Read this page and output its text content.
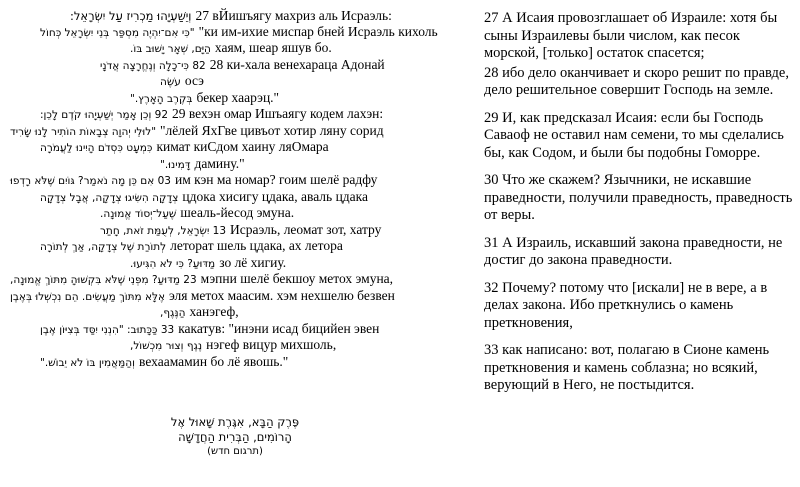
וְיֵשַׁעְיָהוּ מַכְרִיז עַל יִשְׂרָאֵל: 27 вЙишъягу махриз аль Исраэль:
"כִּי אִם־יִהְיֶה מִסְפַּר בְּנֵי יִשְׂרָאֵל כְּחוֹל "ки им-ихие миспар бней Исраэль кихоль
הַיָּם, שְׁאָר יָשׁוּב בּוֹ. хаям, шеар яшув бо.
28 כִּי־כָלָה וְנֶחֱרָצָה אֲדֹנָי 28 ки-хала венехараца Адонай
עֹשֶׂה осэ
בְּקֶרֶב הָאָרֶץ." бекер хаарэц."
29 וְכֵן אָמַר יְשַׁעְיָהוּ קֹדֶם לָכֵן: 29 вехэн омар Ишъаягу кодем лахэн:
"לוּלֵי יְהוָה צְבָאוֹת הוֹתִיר לָנוּ שָׂרִיד "лёлей ЯхГве цивъот хотир ляну сорид
כִּמְעָט כִּסְדֹם הָיִינוּ לַעֲמֹרָה кимат киСдом хаину ляОмара
דָּמִינוּ." дамину."
30 אִם כֵּן מָה נֹאמַר? גּוֹיִם שֶׁלֹּא רָדְפוּ им кэн ма номар? гоим шелё радфу
צְדָקָה הִשִּׂיגוּ צְדָקָה, אֲבָל צְדָקָה цдока хисигу цдака, аваль цдака
שֶׁעַל־יְסוֹד אֱמוּנָה. шеаль-йесод эмуна.
31 יִשְׂרָאֵל, לְעֻמַּת זֹאת, חָתַר Исраэль, леомат зот, хатру
לְתוֹרַת שֶׁל צְדָקָה, אַךְ לְתוֹרָה леторат шель цдака, ах летора
מַדּוּעַ? כִּי לֹא הִגִּיעוּ. зо лё хигиу.
32 מַדּוּעַ? מִפְּנֵי שֶׁלֹּא בִּקְשׁוּהָ מִתּוֹךְ אֱמוּנָה, мэпни шелё бекшоу метох эмуна,
אֶלָּא מִתּוֹךְ מַעֲשִׂים. הֵם נִכְשְׁלוּ בְּאֶבֶן эля метох маасим. хэм нехшелю безвен
הַנֶּגֶף, ханэгеф,
33 כַּכָּתוּב: "הִנְנִי יִסַּד בְּצִיּוֹן אֶבֶן какатув: "инэни исад бицийен эвен
נֶגֶף וְצוּר מִכְשׁוֹל, нэгеф вицур михшоль,
וְהַמַּאֲמִין בּוֹ לֹא יֵבוֹשׁ." вехаамамин бо лё явошь."
פֶּרֶק הַבָּא, אִגֶּרֶת שָׁאוּל אֶל
הָרוֹמִים, הַבְּרִית הַחֲדָשָׁה
(תרגום חדש)

27 А Исаия провозглашает об Израиле: хотя бы сыны Израилевы были числом, как песок морской, [только] остаток спасется;

28 ибо дело оканчивает и скоро решит по правде, дело решительное совершит Господь на земле.

29 И, как предсказал Исаия: если бы Господь Саваоф не оставил нам семени, то мы сделались бы, как Содом, и были бы подобны Гоморре.

30 Что же скажем? Язычники, не искавшие праведности, получили праведность, праведность от веры.

31 А Израиль, искавший закона праведности, не достиг до закона праведности.

32 Почему? потому что [искали] не в вере, а в делах закона. Ибо преткнулись о камень преткновения,

33 как написано: вот, полагаю в Сионе камень преткновения и камень соблазна; но всякий, верующий в Него, не постыдится.
